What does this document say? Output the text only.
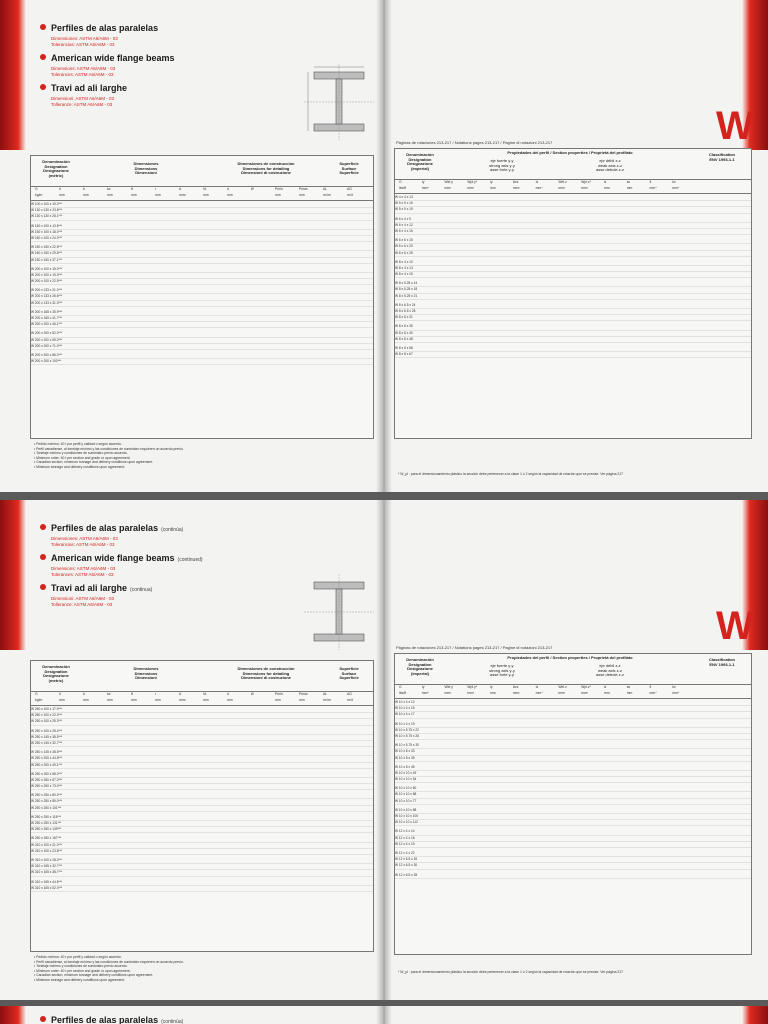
Perfiles de alas paralelas
Dimensiones: ASTM A6/A6M - 03
Tolerancias: ASTM A6/A6M - 03
American wide flange beams
Dimensions: ASTM A6/A6M - 03
Tolerances: ASTM A6/A6M - 03
Travi ad ali larghe
Dimensioni: ASTM A6/A6M - 03
Tolleranze: ASTM A6/A6M - 03
Denominación
Designation
Designazione
(metric)
Dimensiones
Dimensions
Dimensioni
Dimensiones de construcción
Dimensions for detailing
Dimensioni di costruzione
Superficie
Surface
Superficie
G
kg/m
h
mm
b
mm
tw
mm
tf
mm
r
mm
A
mm²
h1
mm
d
mm
Ø	Pmin
mm
Pmax
mm
AL
m²/m
AG
m²/t
W 100 x 100 x 19.3***
W 130 x 130 x 23.8***
W 130 x 130 x 28.1***
W 150 x 100 x 13.5***
W 150 x 100 x 18.0***
W 150 x 100 x 24.0***
W 150 x 150 x 22.5***
W 150 x 150 x 29.8***
W 150 x 150 x 37.1***
W 200 x 100 x 15.0***
W 200 x 100 x 19.3***
W 200 x 100 x 22.5***
W 200 x 133 x 21.0***
W 200 x 133 x 26.6***
W 200 x 133 x 31.3***
W 200 x 165 x 35.9***
W 200 x 165 x 41.7***
W 200 x 200 x 46.1***
W 200 x 200 x 52.0***
W 200 x 200 x 59.0***
W 200 x 200 x 71.0***
W 200 x 200 x 86.0***
W 200 x 200 x 100***
• Pedido mínimo: 40 t por perfil y calidad o según acuerdo.
• Perfil canadiense, al tonelaje mínimo y las condiciones de suministro requieren un acuerdo previo.
• Tonelaje mínimo y condiciones de suministro previo acuerdo.
• Minimum order: 40 t per section and grade or upon agreement.
• Canadian section, minimum tonnage and delivery conditions upon agreement.
• Minimum tonnage and delivery conditions upon agreement.
W
Páginas de rotaciones 213-217 / Notations pages 213-217 / Pagine di notazioni 213-217
Denominación
Designation
Designazione
(imperial)
Propiedades del perfil / Section properties / Proprietà del profilato
eje fuerte y-y
strong axis y-y
asse forte y-y
eje débil z-z
weak axis z-z
asse debole z-z
Classification
ENV 1993-1-1
G
lbs/ft
Iy
mm⁴
Wel.y
mm³
Wpl.y*
mm³
iy
mm
Avz
mm²
Iz
mm⁴
Wel.z
mm³
Wpl.z*
mm³
iz
mm
ss
mm
It
mm⁴
Iw
mm⁶
W 4 x 4 x 13
W 5 x 5 x 16
W 5 x 5 x 19
W 6 x 4 x 9
W 6 x 4 x 12
W 6 x 4 x 16
W 6 x 6 x 15
W 6 x 6 x 20
W 6 x 6 x 25
W 8 x 4 x 10
W 8 x 4 x 13
W 8 x 4 x 15
W 8 x 5.25 x 14
W 8 x 5.25 x 18
W 8 x 5.25 x 21
W 8 x 6.5 x 24
W 8 x 6.5 x 28
W 8 x 8 x 31
W 8 x 8 x 35
W 8 x 8 x 40
W 8 x 8 x 48
W 8 x 8 x 58
W 8 x 8 x 67
* W_pl : para el dimensionamiento plástico la sección debe pertenecer a la clase 1 ó 2 según la capacidad de rotación que se precise. Ver página 217
Perfiles de alas paralelas (continúa)
Dimensiones: ASTM A6/A6M - 03
Tolerancias: ASTM A6/A6M - 03
American wide flange beams (continued)
Dimensions: ASTM A6/A6M - 03
Tolerances: ASTM A6/A6M - 03
Travi ad ali larghe (continua)
Dimensioni: ASTM A6/A6M - 03
Tolleranze: ASTM A6/A6M - 03
Denominación
Designation
Designazione
(metric)
Dimensiones
Dimensions
Dimensioni
Dimensiones de construcción
Dimensions for detailing
Dimensioni di costruzione
Superficie
Surface
Superficie
G
kg/m
h
mm
b
mm
tw
mm
tf
mm
r
mm
A
mm²
h1
mm
d
mm
Ø	Pmin
mm
Pmax
mm
AL
m²/m
AG
m²/t
W 250 x 100 x 17.9***
W 250 x 100 x 22.3***
W 250 x 100 x 25.3***
W 250 x 100 x 28.4***
W 250 x 145 x 38.5***
W 250 x 145 x 32.7***
W 250 x 145 x 38.5***
W 250 x 200 x 44.8***
W 250 x 200 x 49.1***
W 250 x 200 x 58.0***
W 250 x 250 x 67.0***
W 250 x 250 x 73.0***
W 250 x 250 x 80.0***
W 250 x 250 x 89.0***
W 250 x 250 x 101***
W 250 x 250 x 115***
W 250 x 250 x 131***
W 250 x 250 x 149***
W 250 x 250 x 167***
W 310 x 100 x 21.0***
W 310 x 100 x 23.8***
W 310 x 100 x 28.3***
W 310 x 165 x 32.7***
W 310 x 165 x 38.7***
W 310 x 165 x 44.5***
W 310 x 165 x 52.0***
• Pedido mínimo: 40 t por perfil y calidad o según acuerdo.
• Perfil canadiense, al tonelaje mínimo y las condiciones de suministro requieren un acuerdo previo.
• Tonelaje mínimo y condiciones de suministro previo acuerdo.
• Minimum order: 40 t per section and grade or upon agreement.
• Canadian section, minimum tonnage and delivery conditions upon agreement.
• Minimum tonnage and delivery conditions upon agreement.
W
Páginas de rotaciones 213-217 / Notations pages 213-217 / Pagine di notazioni 213-217
Denominación
Designation
Designazione
(imperial)
Propiedades del perfil / Section properties / Proprietà del profilato
eje fuerte y-y
strong axis y-y
asse forte y-y
eje débil z-z
weak axis z-z
asse debole z-z
Classification
ENV 1993-1-1
G
lbs/ft
Iy
mm⁴
Wel.y
mm³
Wpl.y*
mm³
iy
mm
Avz
mm²
Iz
mm⁴
Wel.z
mm³
Wpl.z*
mm³
iz
mm
ss
mm
It
mm⁴
Iw
mm⁶
W 10 x 4 x 12
W 10 x 4 x 15
W 10 x 4 x 17
W 10 x 4 x 19
W 10 x 5.75 x 22
W 10 x 5.75 x 26
W 10 x 5.75 x 30
W 10 x 8 x 33
W 10 x 8 x 39
W 10 x 8 x 45
W 10 x 10 x 49
W 10 x 10 x 54
W 10 x 10 x 60
W 10 x 10 x 68
W 10 x 10 x 77
W 10 x 10 x 88
W 10 x 10 x 100
W 10 x 10 x 112
W 12 x 4 x 14
W 12 x 4 x 16
W 12 x 4 x 19
W 12 x 4 x 22
W 12 x 6.5 x 26
W 12 x 6.5 x 30
W 12 x 6.5 x 35
* W_pl : para el dimensionamiento plástico la sección debe pertenecer a la clase 1 ó 2 según la capacidad de rotación que se precise. Ver página 217
Perfiles de alas paralelas (continúa)
